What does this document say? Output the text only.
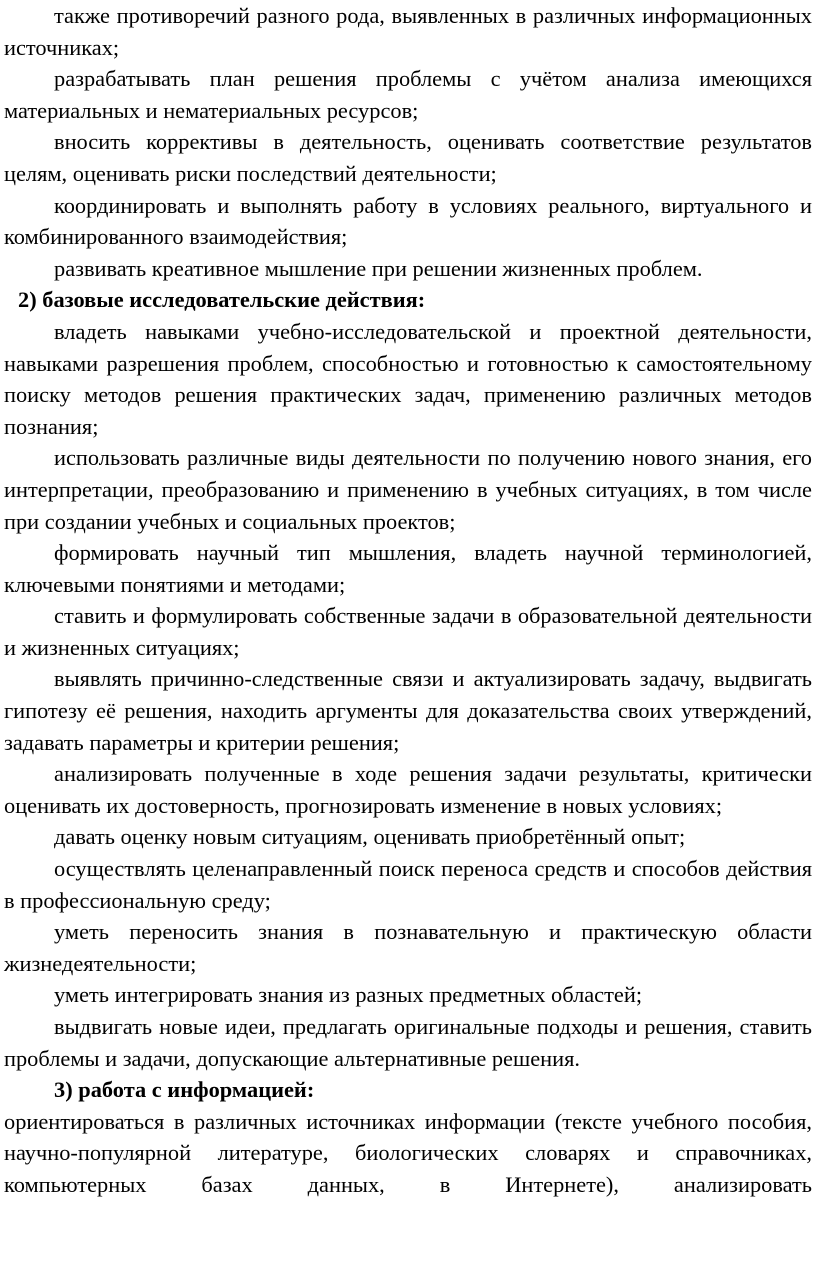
также противоречий разного рода, выявленных в различных информационных источниках;

разрабатывать план решения проблемы с учётом анализа имеющихся материальных и нематериальных ресурсов;

вносить коррективы в деятельность, оценивать соответствие результатов целям, оценивать риски последствий деятельности;

координировать и выполнять работу в условиях реального, виртуального и комбинированного взаимодействия;

развивать креативное мышление при решении жизненных проблем.

2) базовые исследовательские действия:

владеть навыками учебно-исследовательской и проектной деятельности, навыками разрешения проблем, способностью и готовностью к самостоятельному поиску методов решения практических задач, применению различных методов познания;

использовать различные виды деятельности по получению нового знания, его интерпретации, преобразованию и применению в учебных ситуациях, в том числе при создании учебных и социальных проектов;

формировать научный тип мышления, владеть научной терминологией, ключевыми понятиями и методами;

ставить и формулировать собственные задачи в образовательной деятельности и жизненных ситуациях;

выявлять причинно-следственные связи и актуализировать задачу, выдвигать гипотезу её решения, находить аргументы для доказательства своих утверждений, задавать параметры и критерии решения;

анализировать полученные в ходе решения задачи результаты, критически оценивать их достоверность, прогнозировать изменение в новых условиях;

давать оценку новым ситуациям, оценивать приобретённый опыт;

осуществлять целенаправленный поиск переноса средств и способов действия в профессиональную среду;

уметь переносить знания в познавательную и практическую области жизнедеятельности;

уметь интегрировать знания из разных предметных областей;

выдвигать новые идеи, предлагать оригинальные подходы и решения, ставить проблемы и задачи, допускающие альтернативные решения.

3) работа с информацией:

ориентироваться в различных источниках информации (тексте учебного пособия, научно-популярной литературе, биологических словарях и справочниках, компьютерных базах данных, в Интернете), анализировать
